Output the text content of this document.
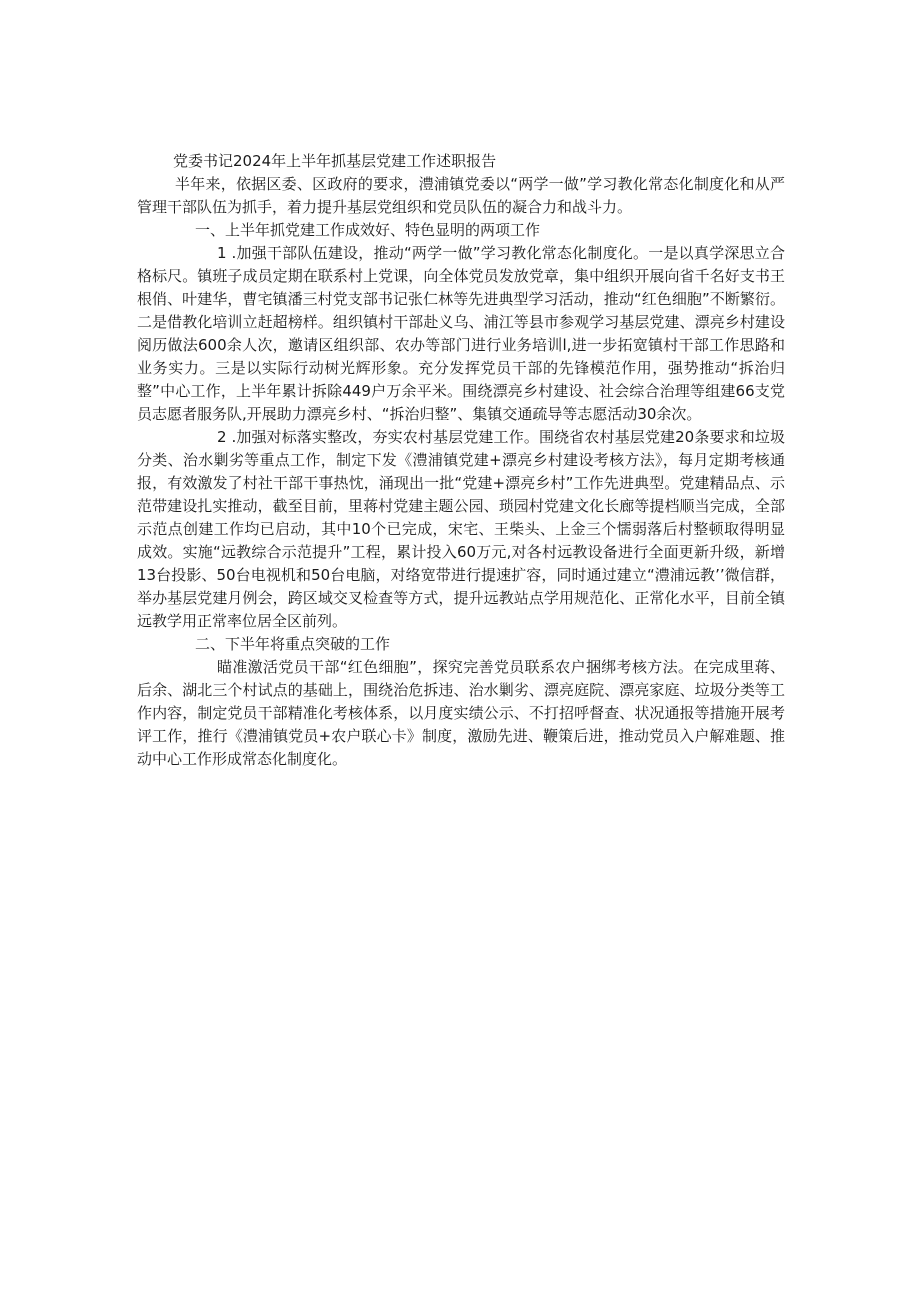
党委书记2024年上半年抓基层党建工作述职报告

半年来，依据区委、区政府的要求，澧浦镇党委以“两学一做”学习教化常态化制度化和从严管理干部队伍为抓手，着力提升基层党组织和党员队伍的凝合力和战斗力。

一、上半年抓党建工作成效好、特色显明的两项工作

1 .加强干部队伍建设，推动“两学一做”学习教化常态化制度化。一是以真学深思立合格标尺。镇班子成员定期在联系村上党课，向全体党员发放党章，集中组织开展向省千名好支书王根俏、叶建华，曹宅镇潘三村党支部书记张仁林等先进典型学习活动，推动“红色细胞”不断繁衍。二是借教化培训立赶超榜样。组织镇村干部赴义乌、浦江等县市参观学习基层党建、漂亮乡村建设阅历做法600余人次，邀请区组织部、农办等部门进行业务培训l,进一步拓宽镇村干部工作思路和业务实力。三是以实际行动树光辉形象。充分发挥党员干部的先锋模范作用，强势推动“拆治归整”中心工作，上半年累计拆除449户万余平米。围绕漂亮乡村建设、社会综合治理等组建66支党员志愿者服务队,开展助力漂亮乡村、“拆治归整”、集镇交通疏导等志愿活动30余次。

2 .加强对标落实整改，夯实农村基层党建工作。围绕省农村基层党建20条要求和垃圾分类、治水剿劣等重点工作，制定下发《澧浦镇党建+漂亮乡村建设考核方法》，每月定期考核通报，有效激发了村社干部干事热忱，涌现出一批“党建+漂亮乡村”工作先进典型。党建精品点、示范带建设扎实推动，截至目前，里蒋村党建主题公园、琐园村党建文化长廊等提档顺当完成，全部示范点创建工作均已启动，其中10个已完成，宋宅、王柴头、上金三个懦弱落后村整顿取得明显成效。实施“远教综合示范提升”工程，累计投入60万元,对各村远教设备进行全面更新升级，新增13台投影、50台电视机和50台电脑，对络宽带进行提速扩容，同时通过建立“澧浦远教’’微信群，举办基层党建月例会，跨区域交叉检查等方式，提升远教站点学用规范化、正常化水平，目前全镇远教学用正常率位居全区前列。

二、下半年将重点突破的工作

瞄准激活党员干部“红色细胞”，探究完善党员联系农户捆绑考核方法。在完成里蒋、后余、湖北三个村试点的基础上，围绕治危拆违、治水剿劣、漂亮庭院、漂亮家庭、垃圾分类等工作内容，制定党员干部精准化考核体系，以月度实绩公示、不打招呼督查、状况通报等措施开展考评工作，推行《澧浦镇党员+农户联心卡》制度，激励先进、鞭策后进，推动党员入户解难题、推动中心工作形成常态化制度化。
